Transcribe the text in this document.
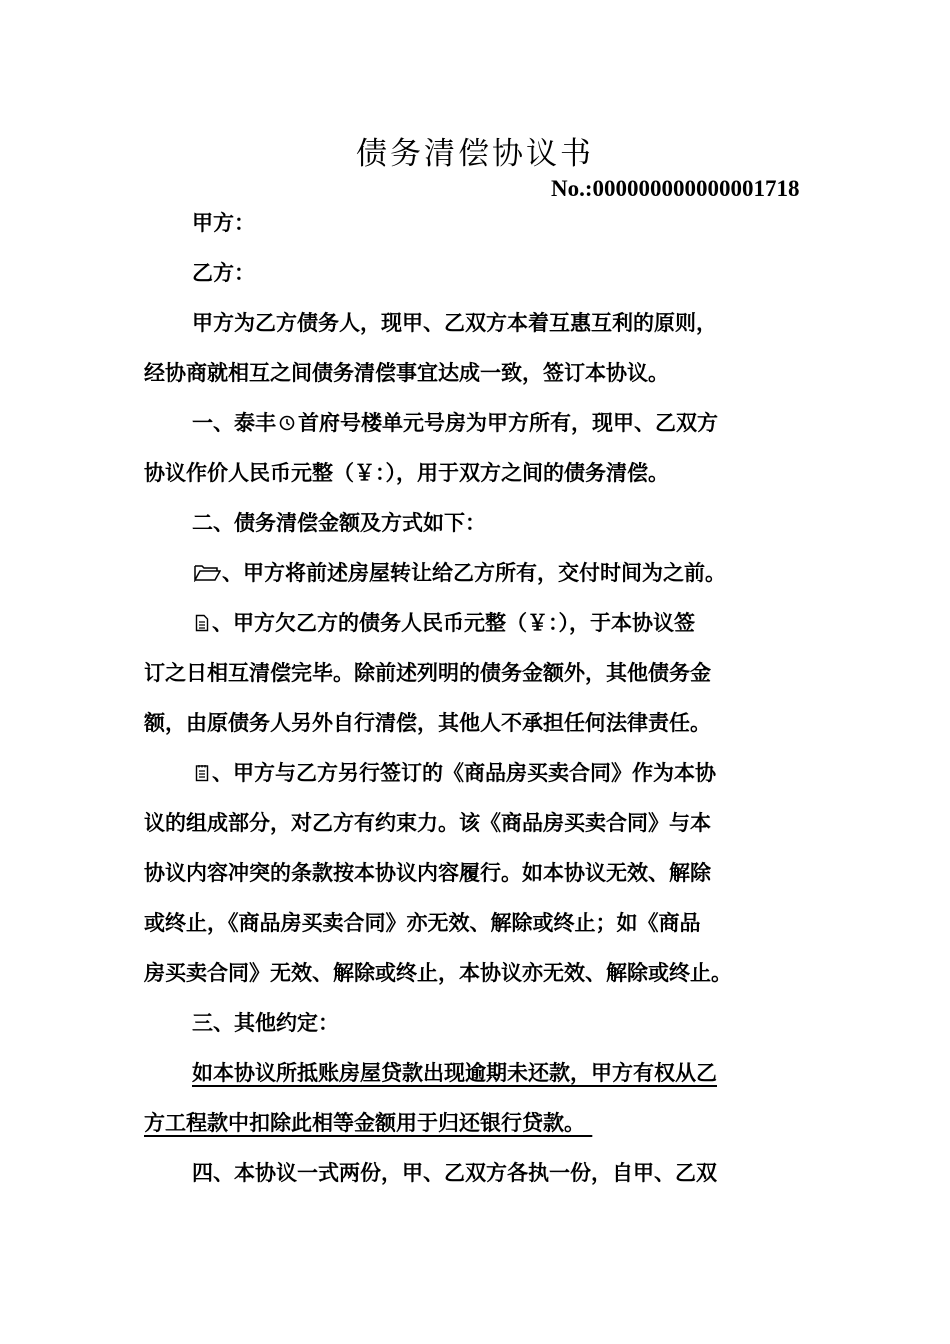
债务清偿协议书
No.:000000000000001718

甲方：

乙方：

甲方为乙方债务人，现甲、乙双方本着互惠互利的原则，
经协商就相互之间债务清偿事宜达成一致，签订本协议。
一、泰丰 首府号楼单元号房为甲方所有，现甲、乙双方
协议作价人民币元整（￥：），用于双方之间的债务清偿。

二、债务清偿金额及方式如下：

、甲方将前述房屋转让给乙方所有，交付时间为之前。
、甲方欠乙方的债务人民币元整（￥：），于本协议签
订之日相互清偿完毕。除前述列明的债务金额外，其他债务金
额，由原债务人另外自行清偿，其他人不承担任何法律责任。
、甲方与乙方另行签订的《商品房买卖合同》作为本协
议的组成部分，对乙方有约束力。该《商品房买卖合同》与本
协议内容冲突的条款按本协议内容履行。如本协议无效、解除
或终止，《商品房买卖合同》亦无效、解除或终止；如《商品
房买卖合同》无效、解除或终止，本协议亦无效、解除或终止。

三、其他约定：

如本协议所抵账房屋贷款出现逾期未还款，甲方有权从乙
方工程款中扣除此相等金额用于归还银行贷款。

四、本协议一式两份，甲、乙双方各执一份，自甲、乙双
